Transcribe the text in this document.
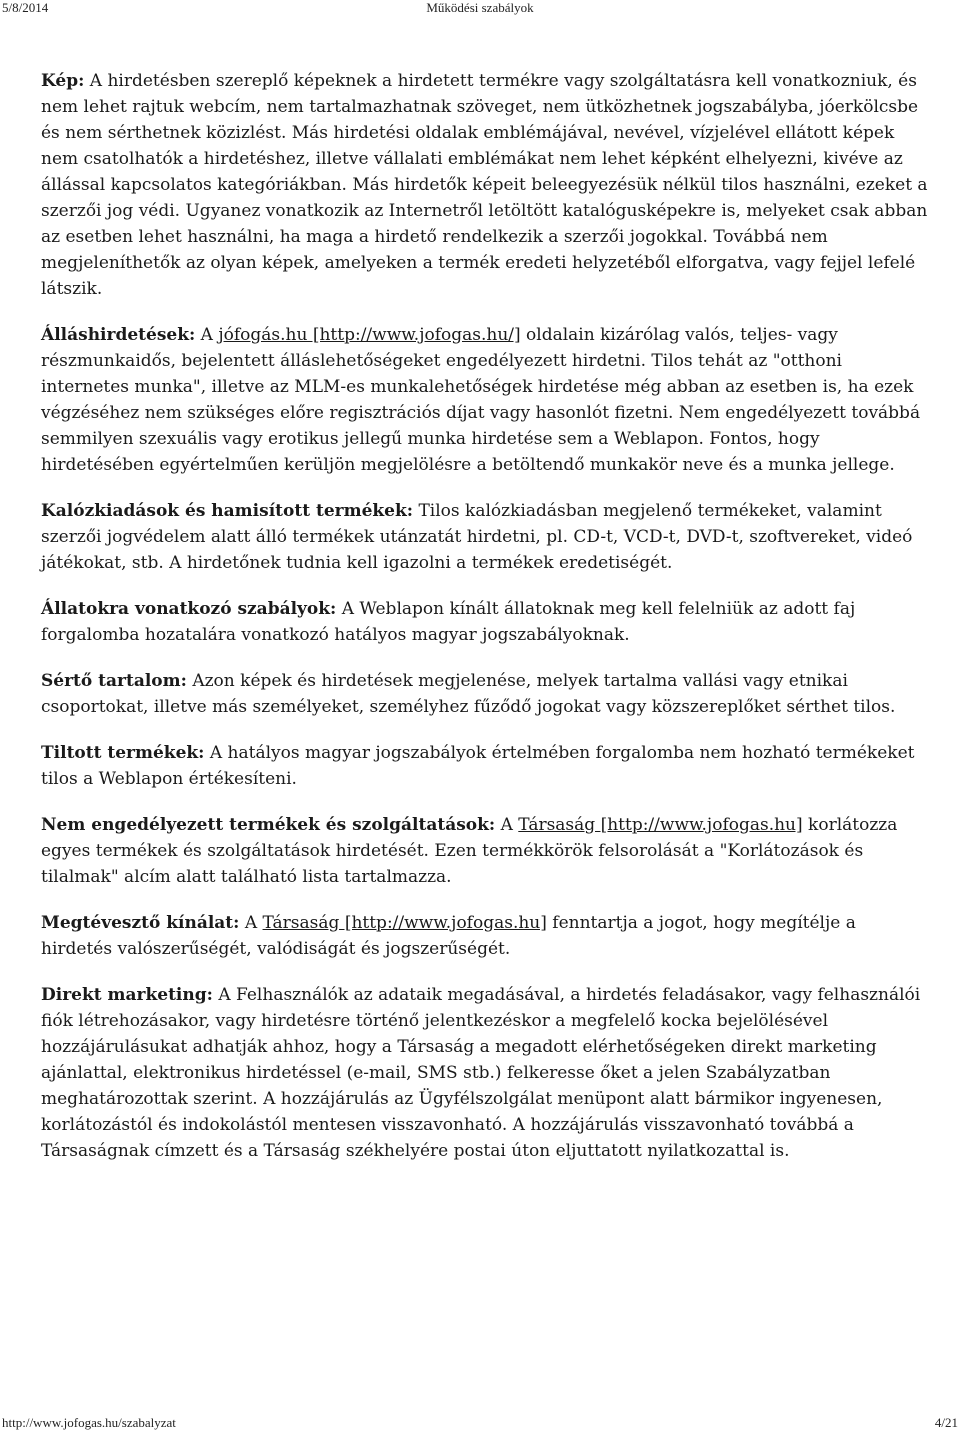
5/8/2014	Működési szabályok

Kép: A hirdetésben szereplő képeknek a hirdetett termékre vagy szolgáltatásra kell vonatkozniuk, és nem lehet rajtuk webcím, nem tartalmazhatnak szöveget, nem ütközhetnek jogszabályba, jóerkölcsbe és nem sérthetnek közizlést. Más hirdetési oldalak emblémájával, nevével, vízjelével ellátott képek nem csatolhatók a hirdetéshez, illetve vállalati emblémákat nem lehet képként elhelyezni, kivéve az állással kapcsolatos kategóriákban. Más hirdetők képeit beleegyezésük nélkül tilos használni, ezeket a szerzői jog védi. Ugyanez vonatkozik az Internetről letöltött katalógusképekre is, melyeket csak abban az esetben lehet használni, ha maga a hirdető rendelkezik a szerzői jogokkal. Továbbá nem megjeleníthetők az olyan képek, amelyeken a termék eredeti helyzetéből elforgatva, vagy fejjel lefelé látszik.

Álláshirdetések: A jófogás.hu [http://www.jofogas.hu/] oldalain kizárólag valós, teljes- vagy részmunkaidős, bejelentett álláslehetőségeket engedélyezett hirdetni. Tilos tehát az "otthoni internetes munka", illetve az MLM-es munkalehetőségek hirdetése még abban az esetben is, ha ezek végzéséhez nem szükséges előre regisztrációs díjat vagy hasonlót fizetni. Nem engedélyezett továbbá semmilyen szexuális vagy erotikus jellegű munka hirdetése sem a Weblapon. Fontos, hogy hirdetésében egyértelműen kerüljön megjelölésre a betöltendő munkakör neve és a munka jellege.

Kalózkiadások és hamisított termékek: Tilos kalózkiadásban megjelenő termékeket, valamint szerzői jogvédelem alatt álló termékek utánzatát hirdetni, pl. CD-t, VCD-t, DVD-t, szoftvereket, videó játékokat, stb. A hirdetőnek tudnia kell igazolni a termékek eredetiségét.

Állatokra vonatkozó szabályok: A Weblapon kínált állatoknak meg kell felelniük az adott faj forgalomba hozatalára vonatkozó hatályos magyar jogszabályoknak.

Sértő tartalom: Azon képek és hirdetések megjelenése, melyek tartalma vallási vagy etnikai csoportokat, illetve más személyeket, személyhez fűződő jogokat vagy közszereplőket sérthet tilos.

Tiltott termékek: A hatályos magyar jogszabályok értelmében forgalomba nem hozható termékeket tilos a Weblapon értékesíteni.

Nem engedélyezett termékek és szolgáltatások: A Társaság [http://www.jofogas.hu] korlátozza egyes termékek és szolgáltatások hirdetését. Ezen termékkörök felsorolását a "Korlátozások és tilalmak" alcím alatt található lista tartalmazza.

Megtévesztő kínálat: A Társaság [http://www.jofogas.hu] fenntartja a jogot, hogy megítélje a hirdetés valószerűségét, valódiságát és jogszerűségét.

Direkt marketing: A Felhasználók az adataik megadásával, a hirdetés feladásakor, vagy felhasználói fiók létrehozásakor, vagy hirdetésre történő jelentkezéskor a megfelelő kocka bejelölésével hozzájárulásukat adhatják ahhoz, hogy a Társaság a megadott elérhetőségeken direkt marketing ajánlattal, elektronikus hirdetéssel (e-mail, SMS stb.) felkeresse őket a jelen Szabályzatban meghatározottak szerint. A hozzájárulás az Ügyfélszolgálat menüpont alatt bármikor ingyenesen, korlátozástól és indokolástól mentesen visszavonható. A hozzájárulás visszavonható továbbá a Társaságnak címzett és a Társaság székhelyére postai úton eljuttatott nyilatkozattal is.

http://www.jofogas.hu/szabalyzat	4/21
